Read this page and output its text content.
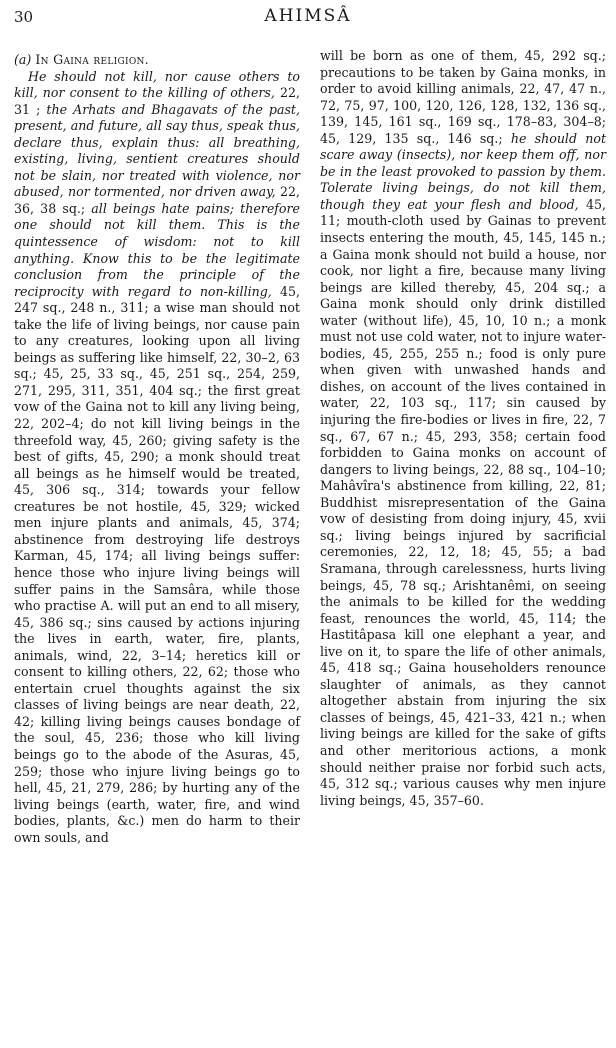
30	AHIMSÂ

(a) In Gaina religion.

He should not kill, nor cause others to kill, nor consent to the killing of others, 22, 31 ; the Arhats and Bhagavats of the past, present, and future, all say thus, speak thus, declare thus, explain thus: all breathing, existing, living, sentient creatures should not be slain, nor treated with violence, nor abused, nor tormented, nor driven away, 22, 36, 38 sq.; all beings hate pains; therefore one should not kill them. This is the quintessence of wisdom: not to kill anything. Know this to be the legitimate conclusion from the principle of the reciprocity with regard to non-killing, 45, 247 sq., 248 n., 311; a wise man should not take the life of living beings, nor cause pain to any creatures, looking upon all living beings as suffering like himself, 22, 30–2, 63 sq.; 45, 25, 33 sq., 45, 251 sq., 254, 259, 271, 295, 311, 351, 404 sq.; the first great vow of the Gaina not to kill any living being, 22, 202–4; do not kill living beings in the threefold way, 45, 260; giving safety is the best of gifts, 45, 290; a monk should treat all beings as he himself would be treated, 45, 306 sq., 314; towards your fellow creatures be not hostile, 45, 329; wicked men injure plants and animals, 45, 374; abstinence from destroying life destroys Karman, 45, 174; all living beings suffer: hence those who injure living beings will suffer pains in the Samsâra, while those who practise A. will put an end to all misery, 45, 386 sq.; sins caused by actions injuring the lives in earth, water, fire, plants, animals, wind, 22, 3–14; heretics kill or consent to killing others, 22, 62; those who entertain cruel thoughts against the six classes of living beings are near death, 22, 42; killing living beings causes bondage of the soul, 45, 236; those who kill living beings go to the abode of the Asuras, 45, 259; those who injure living beings go to hell, 45, 21, 279, 286; by hurting any of the living beings (earth, water, fire, and wind bodies, plants, &c.) men do harm to their own souls, and

will be born as one of them, 45, 292 sq.; precautions to be taken by Gaina monks, in order to avoid killing animals, 22, 47, 47 n., 72, 75, 97, 100, 120, 126, 128, 132, 136 sq., 139, 145, 161 sq., 169 sq., 178–83, 304–8; 45, 129, 135 sq., 146 sq.; he should not scare away (insects), nor keep them off, nor be in the least provoked to passion by them. Tolerate living beings, do not kill them, though they eat your flesh and blood, 45, 11; mouth-cloth used by Gainas to prevent insects entering the mouth, 45, 145, 145 n.; a Gaina monk should not build a house, nor cook, nor light a fire, because many living beings are killed thereby, 45, 204 sq.; a Gaina monk should only drink distilled water (without life), 45, 10, 10 n.; a monk must not use cold water, not to injure water-bodies, 45, 255, 255 n.; food is only pure when given with unwashed hands and dishes, on account of the lives contained in water, 22, 103 sq., 117; sin caused by injuring the fire-bodies or lives in fire, 22, 7 sq., 67, 67 n.; 45, 293, 358; certain food forbidden to Gaina monks on account of dangers to living beings, 22, 88 sq., 104–10; Mahâvîra's abstinence from killing, 22, 81; Buddhist misrepresentation of the Gaina vow of desisting from doing injury, 45, xvii sq.; living beings injured by sacrificial ceremonies, 22, 12, 18; 45, 55; a bad Sramana, through carelessness, hurts living beings, 45, 78 sq.; Arishtanêmi, on seeing the animals to be killed for the wedding feast, renounces the world, 45, 114; the Hastitâpasa kill one elephant a year, and live on it, to spare the life of other animals, 45, 418 sq.; Gaina householders renounce slaughter of animals, as they cannot altogether abstain from injuring the six classes of beings, 45, 421–33, 421 n.; when living beings are killed for the sake of gifts and other meritorious actions, a monk should neither praise nor forbid such acts, 45, 312 sq.; various causes why men injure living beings, 45, 357–60.
